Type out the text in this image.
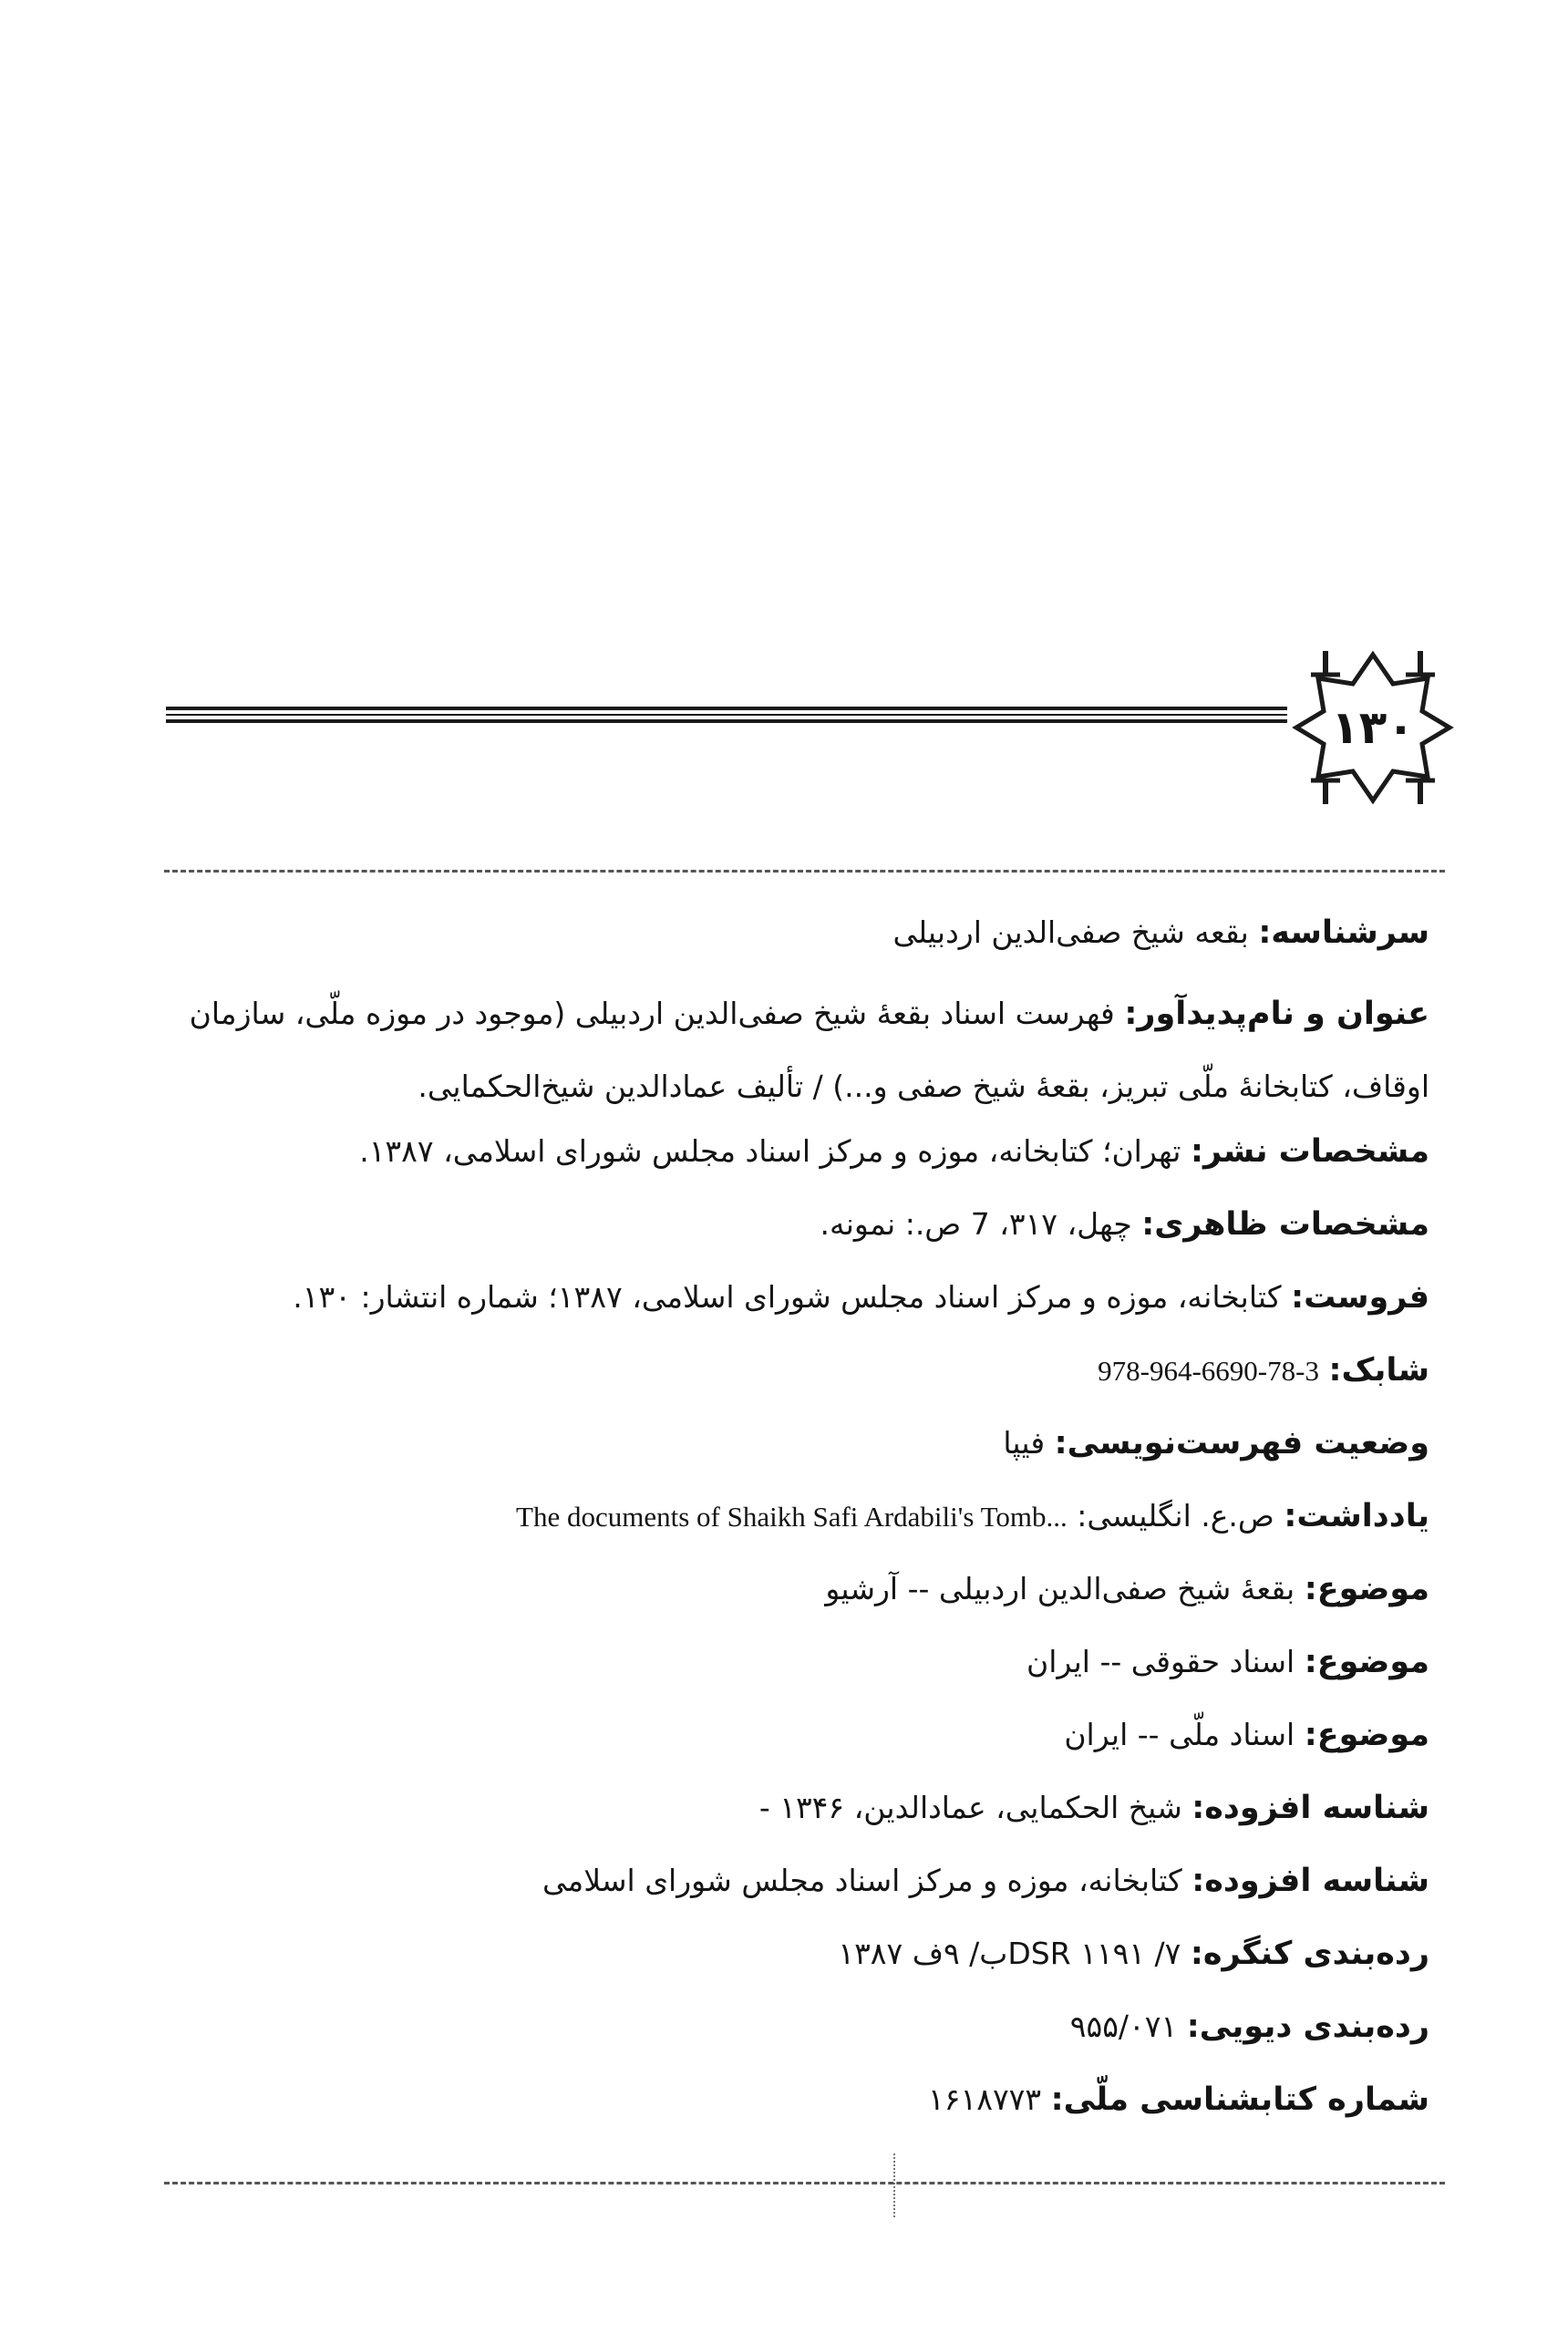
۱۳۰
سرشناسه: بقعه شیخ صفی‌الدین اردبیلی
عنوان و نام‌پدیدآور: فهرست اسناد بقعهٔ شیخ صفی‌الدین اردبیلی (موجود در موزه ملّی، سازمان اوقاف، کتابخانهٔ ملّی تبریز، بقعهٔ شیخ صفی و...) / تألیف عمادالدین شیخ‌الحکمایی.
مشخصات نشر: تهران؛ کتابخانه، موزه و مرکز اسناد مجلس شورای اسلامی، ۱۳۸۷.
مشخصات ظاهری: چهل، ۳۱۷، 7 ص.: نمونه.
فروست: کتابخانه، موزه و مرکز اسناد مجلس شورای اسلامی، ۱۳۸۷؛ شماره انتشار: ۱۳۰.
شابک: 978-964-6690-78-3
وضعیت فهرست‌نویسی: فیپا
یادداشت: ص.ع. انگلیسی: The documents of Shaikh Safi Ardabili's Tomb...
موضوع: بقعهٔ شیخ صفی‌الدین اردبیلی -- آرشیو
موضوع: اسناد حقوقی -- ایران
موضوع: اسناد ملّی -- ایران
شناسه افزوده: شیخ الحکمایی، عمادالدین، ۱۳۴۶ -
شناسه افزوده: کتابخانه، موزه و مرکز اسناد مجلس شورای اسلامی
رده‌بندی کنگره: DSR ۱۱۹۱ /۷ب/ ۹ف ۱۳۸۷
رده‌بندی دیویی: ۹۵۵/۰۷۱
شماره کتابشناسی ملّی: ۱۶۱۸۷۷۳
